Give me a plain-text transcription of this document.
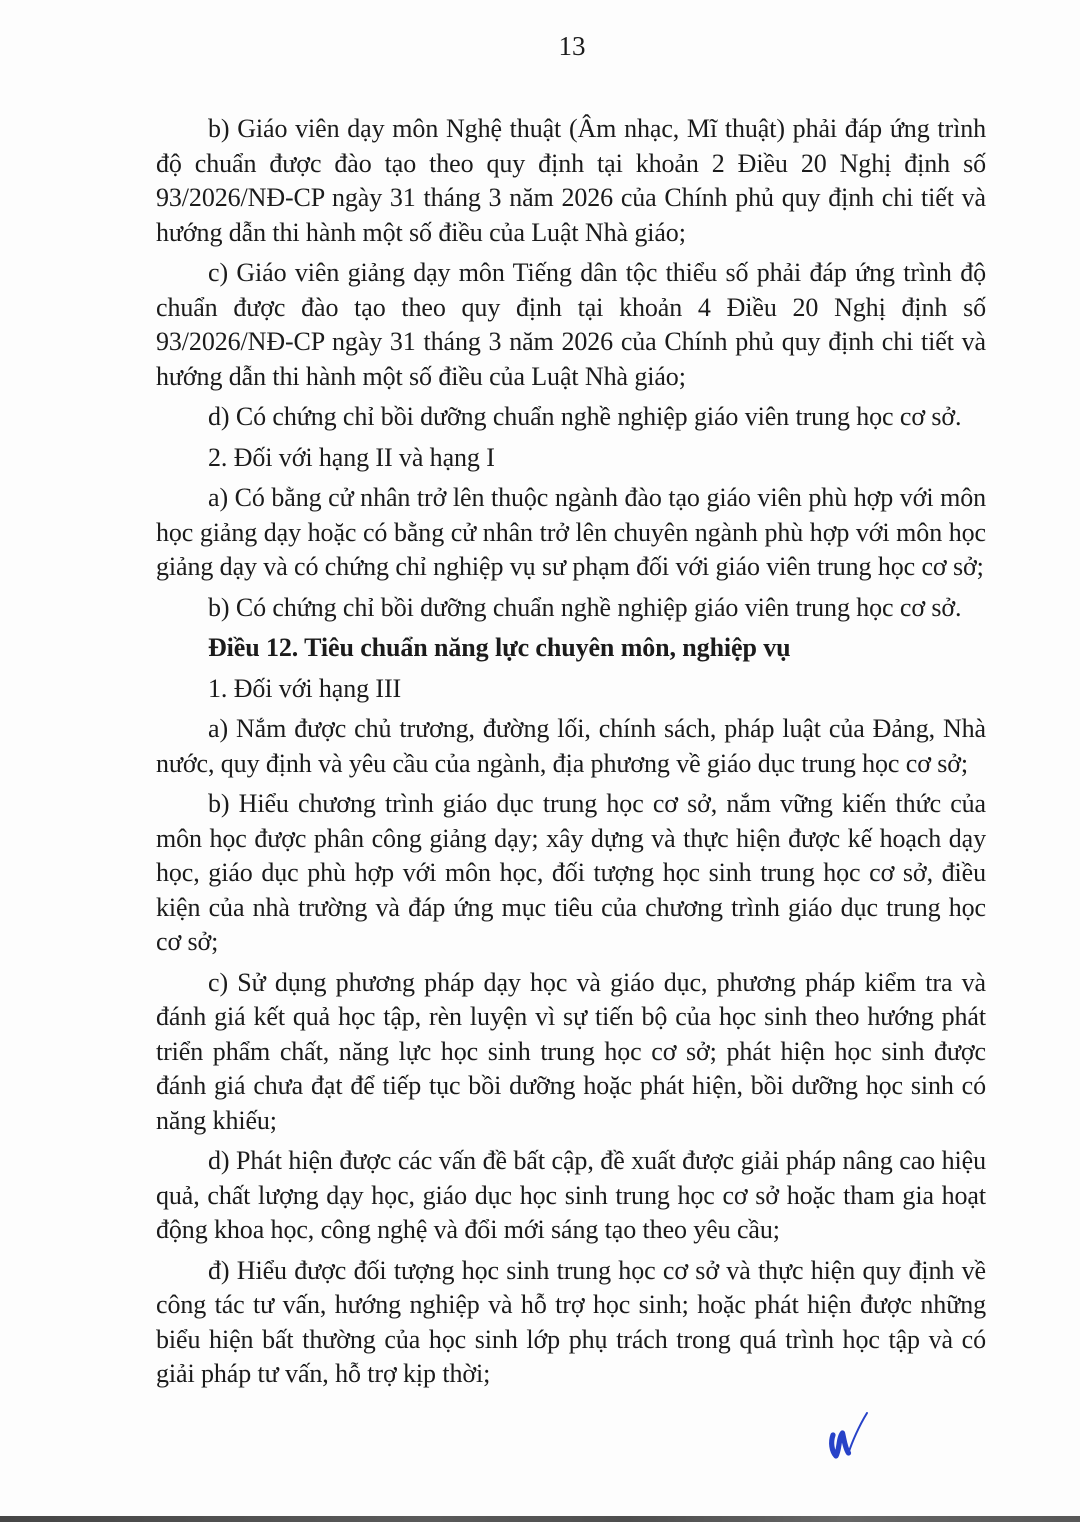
13

b) Giáo viên dạy môn Nghệ thuật (Âm nhạc, Mĩ thuật) phải đáp ứng trình độ chuẩn được đào tạo theo quy định tại khoản 2 Điều 20 Nghị định số 93/2026/NĐ-CP ngày 31 tháng 3 năm 2026 của Chính phủ quy định chi tiết và hướng dẫn thi hành một số điều của Luật Nhà giáo;

c) Giáo viên giảng dạy môn Tiếng dân tộc thiểu số phải đáp ứng trình độ chuẩn được đào tạo theo quy định tại khoản 4 Điều 20 Nghị định số 93/2026/NĐ-CP ngày 31 tháng 3 năm 2026 của Chính phủ quy định chi tiết và hướng dẫn thi hành một số điều của Luật Nhà giáo;

d) Có chứng chỉ bồi dưỡng chuẩn nghề nghiệp giáo viên trung học cơ sở.

2. Đối với hạng II và hạng I

a) Có bằng cử nhân trở lên thuộc ngành đào tạo giáo viên phù hợp với môn học giảng dạy hoặc có bằng cử nhân trở lên chuyên ngành phù hợp với môn học giảng dạy và có chứng chỉ nghiệp vụ sư phạm đối với giáo viên trung học cơ sở;

b) Có chứng chỉ bồi dưỡng chuẩn nghề nghiệp giáo viên trung học cơ sở.

Điều 12. Tiêu chuẩn năng lực chuyên môn, nghiệp vụ

1. Đối với hạng III

a) Nắm được chủ trương, đường lối, chính sách, pháp luật của Đảng, Nhà nước, quy định và yêu cầu của ngành, địa phương về giáo dục trung học cơ sở;

b) Hiểu chương trình giáo dục trung học cơ sở, nắm vững kiến thức của môn học được phân công giảng dạy; xây dựng và thực hiện được kế hoạch dạy học, giáo dục phù hợp với môn học, đối tượng học sinh trung học cơ sở, điều kiện của nhà trường và đáp ứng mục tiêu của chương trình giáo dục trung học cơ sở;

c) Sử dụng phương pháp dạy học và giáo dục, phương pháp kiểm tra và đánh giá kết quả học tập, rèn luyện vì sự tiến bộ của học sinh theo hướng phát triển phẩm chất, năng lực học sinh trung học cơ sở; phát hiện học sinh được đánh giá chưa đạt để tiếp tục bồi dưỡng hoặc phát hiện, bồi dưỡng học sinh có năng khiếu;

d) Phát hiện được các vấn đề bất cập, đề xuất được giải pháp nâng cao hiệu quả, chất lượng dạy học, giáo dục học sinh trung học cơ sở hoặc tham gia hoạt động khoa học, công nghệ và đổi mới sáng tạo theo yêu cầu;

đ) Hiểu được đối tượng học sinh trung học cơ sở và thực hiện quy định về công tác tư vấn, hướng nghiệp và hỗ trợ học sinh; hoặc phát hiện được những biểu hiện bất thường của học sinh lớp phụ trách trong quá trình học tập và có giải pháp tư vấn, hỗ trợ kịp thời;
